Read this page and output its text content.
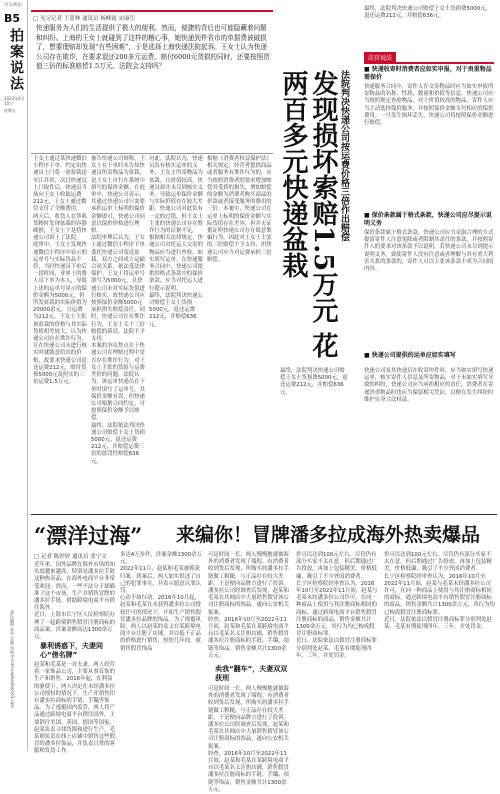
西安晚报
B5
拍案说法
2023年4月10日
星期五
责任编辑 张卓 美编 邓娟 E-mail:xawbsxb@163.com
□ 见习记者 王蕾林 通讯员 杨峰霞 宋康岳
快递服务为人们的生活提供了极大的便利。然而，便捷的背后也可能隐藏着问题和纠纷。上海的王女士就碰到了这样的糟心事，她快递到件省市的单据费被破损了，想要理赔却发现“有些困难”，于是选择上海快递法院起诉。王女士认为快递公司存在欺诈，在要求退还200多元运费、赔付6000元货损的同时，还要按照货值三倍的标准赔偿1.5万元。法院会支持吗？
发现损坏索赔1.5万元 花两百多元快递盆栽	法院判决快递公司按运费价格三倍作出赔偿
王女士通过某快递微信小程序下单，约定由快递员上门将一盆盆栽送至江苏省，次日快递员上门取件后，快递员当场向王女士收取运费212元，王女士通过微信支付了全额费用。
两天后，收货人在签收货物时发现盆栽的容器破损，王女士于是将快递公司诉上了法院。
庭审中，王女士发现快递微信小程序中显示的运单号与实际货品不符，当时快递员下单后一段时间，业界上的费人员下单为本人，导致上述的运单号显示的保价金额为5000元，但所发盆栽的实际价值为20000余元，且运费为212元。王女士主张该盆栽的价格与其实际货值相差较大，认为快递公司存在欺诈行为，且在快递公司未进行核实时就随意给出的价格，故要求快递公司退还运费212元，赔付货损5000元及照实的三倍运费1.5万元。
被告快递公司辩称，王女士在下单时未告知快递员所寄物品为盆栽，是王女士自行在系统中填写的保价金额。在庭审中，快递公司表示，其通过快递公司只需要承担运单上标明的保价金额即可，快递公司同意以保价价格进行理赔。
法院审理后认为，王女士通过微信小程序下单委托快递公司寄送盆栽，双方之间成立运输合同关系，依法受法律保护。王女士将运单号填写为5000元，且快递公司未对实际货值进行核实，故快递公司应按照保价金额5000元承担损失赔偿责任，同时，快递公司存在欺诈行为，王女士关于三倍赔偿的诉请，法院不予支持。
本案的争议焦点在于快递公司在理赔过程中是否存在欺诈行为。对王女士主张的货值与运费差价的问题，法院认为，该运单快递员在下单时填写了运单号，其保价金额有误，但快递公司根据合同约定，可按照保价金额予以赔偿。
最终，法院依法判决快递公司赔偿王女士货损5000元，退还运费212元，并赔偿运费三倍的惩罚性赔偿636元。
对此，法院认为，快递员负有核实运单的义务，王女士所寄物品为盆栽，且价值较高，快递员却并未尽到核实义务，导致运单保价金额与实际价值存在较大差距，快递公司对此负有一定的过错，但王女士主张的快递公司存在欺诈行为的证据不足。
根据相关法律规定，快递公司对托运人交寄的物品应当进行查验，如实填写运单。在快递服务合同中，快递公司提供的格式条款中的保价条款，应当对托运人进行提示说明。
最终，法院判决快递公司赔偿王女士货损5000元，退还运费212元，并赔偿636元。
根据《消费者权益保护法》相关规定，经营者提供商品或者服务有欺诈行为的，应当按照消费者的要求增加赔偿其受到的损失，增加赔偿的金额为消费者购买商品的价款或者接受服务的费用的三倍。本案中，快递公司在运单上标明的保价金额与实际货值存在差异，但并无证据证明快递公司存在故意欺骗行为，因此对王女士主张的三倍赔偿不予支持，但快递公司应当对运费承担三倍赔偿。
最终，法院判决快递公司赔偿王女士货损费5000元，退还运费212元，并赔偿636元。
最终，法院判决快递公司赔偿王女士货损费5000元，退还运费212元，并赔偿636元。
法官说法
■ 快递收寄时消费者应如实申报，对于贵重物品需保价
快递服务合同中，寄件人在交寄物品时应当如实申报所寄物品的名称、性质、数量和价值等信息。快递公司应当按照规定查验物品，对于价值较高的物品，寄件人应当主动选择保价服务，并按照保价金额支付相应的保价费用。一旦发生损坏丢失，快递公司将按照保价金额进行赔偿。
■ 保价条款属于格式条款，快递公司应尽提示说明义务
保价条款属于格式条款，快递公司应当采取合理的方式提请寄件人注意免除或者限制其责任的条款，并按照寄件人的要求对该条款予以说明。若快递公司未尽到提示说明义务，致使寄件人没有注意或者理解与其有重大利害关系的条款的，寄件人可以主张该条款不成为合同的内容。
■ 快递公司提供的运单应如实填写
快递公司及其快递员在收寄快件时，应当如实填写快递运单，核实寄件人信息及所寄物品，对于未如实填写导致的纠纷，快递公司应当承担相应的责任。消费者在寄递贵重物品时也应当保留相关凭证，以便在发生纠纷时维护自身合法权益。
“漂洋过海” 来编你！冒牌潘多拉成海外热卖爆品
□ 记者 陈婷婷 通讯员 张宁文
近年来，国外品牌在海外市场的知名度越来越高，特别是潘多拉手链这种热卖品，在海外电商平台非常受欢迎。然而，一些不法分子却瞄准了这个市场，生产并销售冒牌的潘多拉手链，借助跨境电商平台销往海外。
近日，上海市长宁区人民检察院办理了一起跨境销售假冒注册商标的商品案，涉案金额高达1300余万元。
暴利诱惑下，夫妻同心“傍名牌”
赵某和毛某是一对夫妻，两人经营着一家饰品公司，主要从事首饰的生产和销售。2016年起，在利益的驱使下，两人决定在未经潘多拉公司授权的情况下，生产并销售印有潘多拉商标的手链、手镯等饰品。为了逃避国内监管，两人将产品通过跨境电商平台销往国外，主要销往美国、英国、德国等国家。
赵某负责寻找货源和进行生产，毛某则负责在线上店铺中销售这些假冒的潘多拉饰品，并负责日常的客服和发货工作。
多达4万多件，涉案金额1300余万元。
2022年11月，赵某和毛某被抓获归案。到案后，两人如实供述了自己的犯罪事实，并表示愿意认罪认罚。
心动不如行动，2016年10月起，赵某和毛某在未获得潘多拉公司授权许可的情况下，开始生产销售假冒潘多拉品牌的饰品。为了规避风险，两人以赵某的名义在某跨境电商平台注册了店铺，并以低于正品的价格进行销售，短短几年间，就销售假冒饰品
可是时间一长，两人慢慢地就被海外的消费者发现了端倪。有消费者收到货后发现，所购买的潘多拉手链做工粗糙，与正品存在较大差距，于是便向品牌方进行了投诉。
潘多拉公司经调查后发现，赵某和毛某在其网店中大量销售假冒该公司注册商标的饰品，遂向公安机关报案。
经查，2016年10月至2022年11月间，赵某和毛某在某跨境电商平台以毛某名义注册店铺，销售假冒潘多拉注册商标的手链、手镯、项链等饰品，销售金额共计1300余万元。
卖我“翻车”，夫妻双双获刑
可是时间一长，两人慢慢地就被海外的消费者发现了端倪。有消费者收到货后发现，所购买的潘多拉手链做工粗糙，与正品存在较大差距，于是便向品牌方进行了投诉。
潘多拉公司经调查后发现，赵某和毛某在其网店中大量销售假冒该公司注册商标的饰品，遂向公安机关报案。
经查，2016年10月至2022年11月间，赵某和毛某在某跨境电商平台以毛某名义注册店铺，销售假冒潘多拉注册商标的手链、手镯、项链等饰品，销售金额共计1300余万元。
价可以达到100元左右，尽管仍有部分买家不太在意，但后期通过广告投放，再加上包装精美，价格低廉，吸引了不少外国消费者。
长宁区检察院经审查认为，2016年10月至2022年11月间，赵某与毛某未经潘多拉公司许可，在同一种商品上使用与其注册商标相同的商标，通过跨境电商平台销售假冒注册商标的商品，销售金额共计1300余万元，其行为均已构成假冒注册商标罪。
近日，法院依法以假冒注册商标罪分别判处赵某、毛某有期徒刑四年、三年，并处罚金。
价可以达到100元左右，尽管仍有部分买家不太在意，但后期通过广告投放，再加上包装精美，价格低廉，吸引了不少外国消费者。
长宁区检察院经审查认为，2016年10月至2022年11月间，赵某与毛某未经潘多拉公司许可，在同一种商品上使用与其注册商标相同的商标，通过跨境电商平台销售假冒注册商标的商品，销售金额共计1300余万元，其行为均已构成假冒注册商标罪。
近日，法院依法以假冒注册商标罪分别判处赵某、毛某有期徒刑四年、三年，并处罚金。
